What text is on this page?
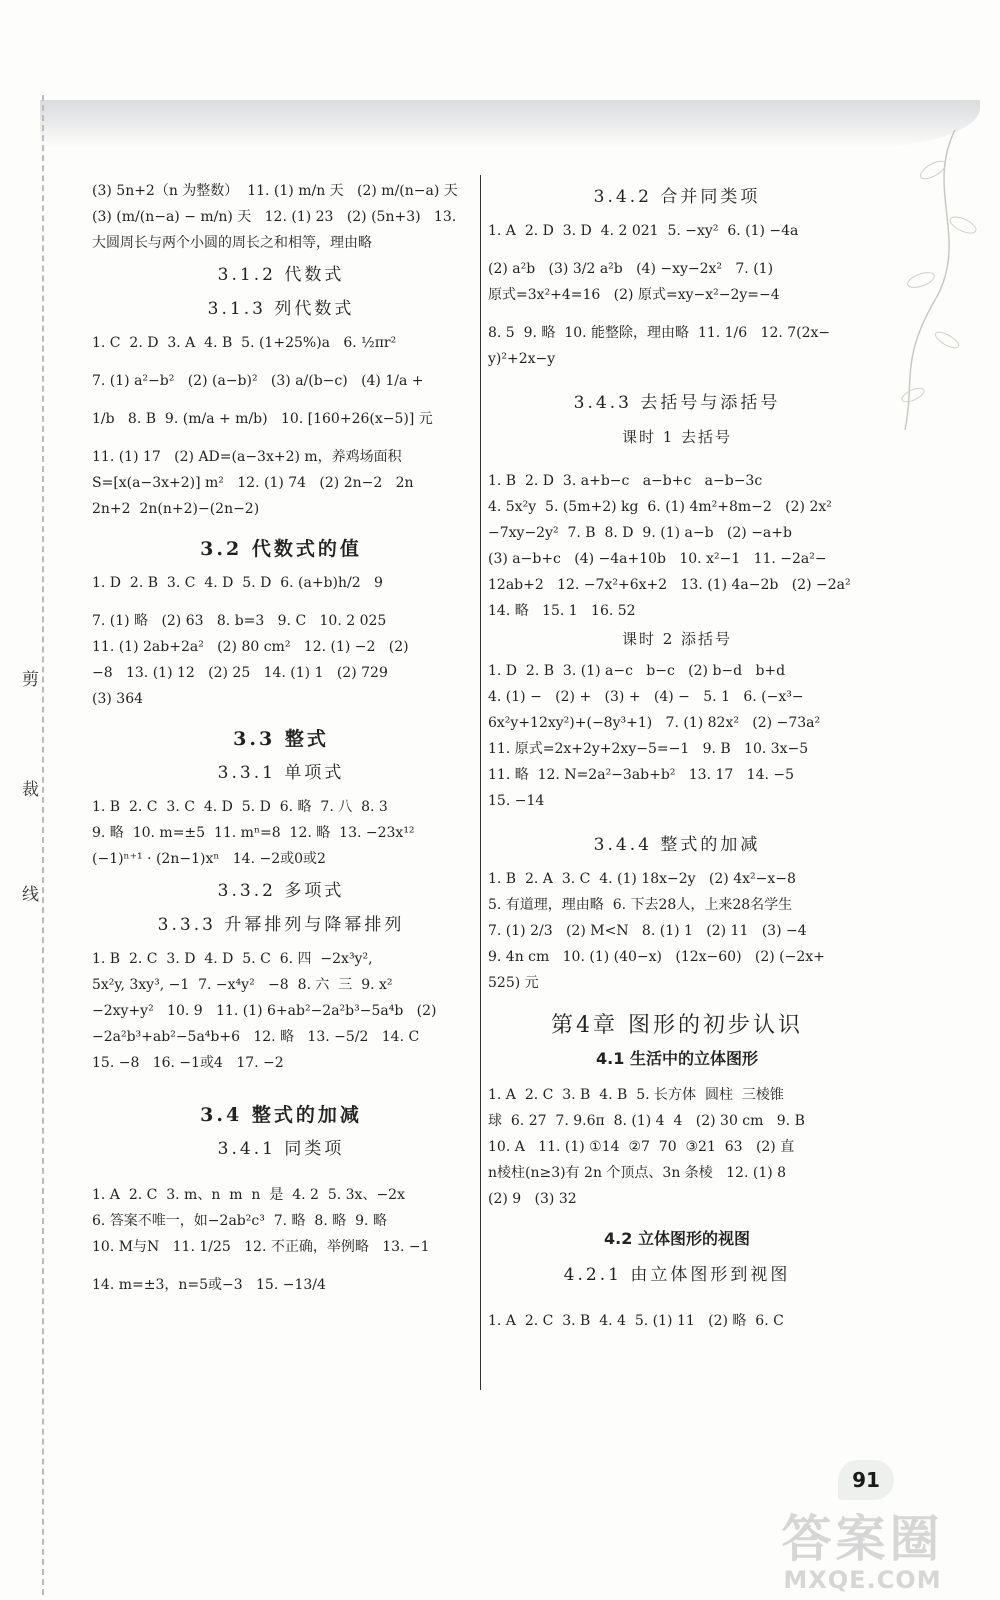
剪
裁
线

(3) 5n+2（n 为整数）  11. (1) m/n 天   (2) m/(n−a) 天

(3) (m/(n−a) − m/n) 天   12. (1) 23   (2) (5n+3)   13.

大圆周长与两个小圆的周长之和相等，理由略

3.1.2 代数式
3.1.3 列代数式

1. C  2. D  3. A  4. B  5. (1+25%)a   6. ½πr²

7. (1) a²−b²   (2) (a−b)²   (3) a/(b−c)   (4) 1/a +

1/b   8. B  9. (m/a + m/b)   10. [160+26(x−5)] 元

11. (1) 17   (2) AD=(a−3x+2) m，养鸡场面积

S=[x(a−3x+2)] m²   12. (1) 74   (2) 2n−2   2n

2n+2  2n(n+2)−(2n−2)

3.2 代数式的值

1. D  2. B  3. C  4. D  5. D  6. (a+b)h/2   9

7. (1) 略   (2) 63   8. b=3   9. C   10. 2 025

11. (1) 2ab+2a²   (2) 80 cm²   12. (1) −2   (2)

−8   13. (1) 12   (2) 25   14. (1) 1   (2) 729

(3) 364

3.3 整式
3.3.1 单项式

1. B  2. C  3. C  4. D  5. D  6. 略  7. 八  8. 3

9. 略  10. m=±5  11. mⁿ=8  12. 略  13. −23x¹²

(−1)ⁿ⁺¹ · (2n−1)xⁿ   14. −2或0或2

3.3.2 多项式
3.3.3 升幂排列与降幂排列

1. B  2. C  3. D  4. D  5. C  6. 四  −2x³y²,

5x²y, 3xy³, −1  7. −x⁴y²   −8  8. 六  三  9. x²

−2xy+y²   10. 9   11. (1) 6+ab²−2a²b³−5a⁴b   (2)

−2a²b³+ab²−5a⁴b+6   12. 略   13. −5/2   14. C

15. −8   16. −1或4   17. −2

3.4 整式的加减
3.4.1 同类项

1. A  2. C  3. m、n  m  n  是  4. 2  5. 3x、−2x

6. 答案不唯一，如−2ab²c³  7. 略  8. 略  9. 略

10. M与N   11. 1/25   12. 不正确，举例略   13. −1

14. m=±3，n=5或−3   15. −13/4

3.4.2 合并同类项

1. A  2. D  3. D  4. 2 021  5. −xy²  6. (1) −4a

(2) a²b   (3) 3/2 a²b   (4) −xy−2x²   7. (1)

原式=3x²+4=16   (2) 原式=xy−x²−2y=−4

8. 5  9. 略  10. 能整除，理由略  11. 1/6   12. 7(2x−

y)²+2x−y

3.4.3 去括号与添括号
课时 1 去括号

1. B  2. D  3. a+b−c   a−b+c   a−b−3c

4. 5x²y  5. (5m+2) kg  6. (1) 4m²+8m−2   (2) 2x²

−7xy−2y²  7. B  8. D  9. (1) a−b   (2) −a+b

(3) a−b+c   (4) −4a+10b   10. x²−1   11. −2a²−

12ab+2   12. −7x²+6x+2   13. (1) 4a−2b   (2) −2a²

14. 略   15. 1   16. 52

课时 2 添括号

1. D  2. B  3. (1) a−c   b−c   (2) b−d   b+d

4. (1) −   (2) +   (3) +   (4) −   5. 1   6. (−x³−

6x²y+12xy²)+(−8y³+1)   7. (1) 82x²   (2) −73a²

11. 原式=2x+2y+2xy−5=−1   9. B   10. 3x−5

11. 略  12. N=2a²−3ab+b²   13. 17   14. −5

15. −14

3.4.4 整式的加减

1. B  2. A  3. C  4. (1) 18x−2y   (2) 4x²−x−8

5. 有道理，理由略  6. 下去28人，上来28名学生

7. (1) 2/3   (2) M<N   8. (1) 1   (2) 11   (3) −4

9. 4n cm   10. (1) (40−x)   (12x−60)   (2) (−2x+

525) 元

第4章 图形的初步认识
4.1 生活中的立体图形

1. A  2. C  3. B  4. B  5. 长方体  圆柱  三棱锥

球  6. 27  7. 9.6π  8. (1) 4  4   (2) 30 cm   9. B

10. A   11. (1) ①14  ②7  70  ③21  63   (2) 直

n棱柱(n≥3)有 2n 个顶点、3n 条棱   12. (1) 8

(2) 9   (3) 32

4.2 立体图形的视图
4.2.1 由立体图形到视图

1. A  2. C  3. B  4. 4  5. (1) 11   (2) 略  6. C

91
答案圈
MXQE.COM
